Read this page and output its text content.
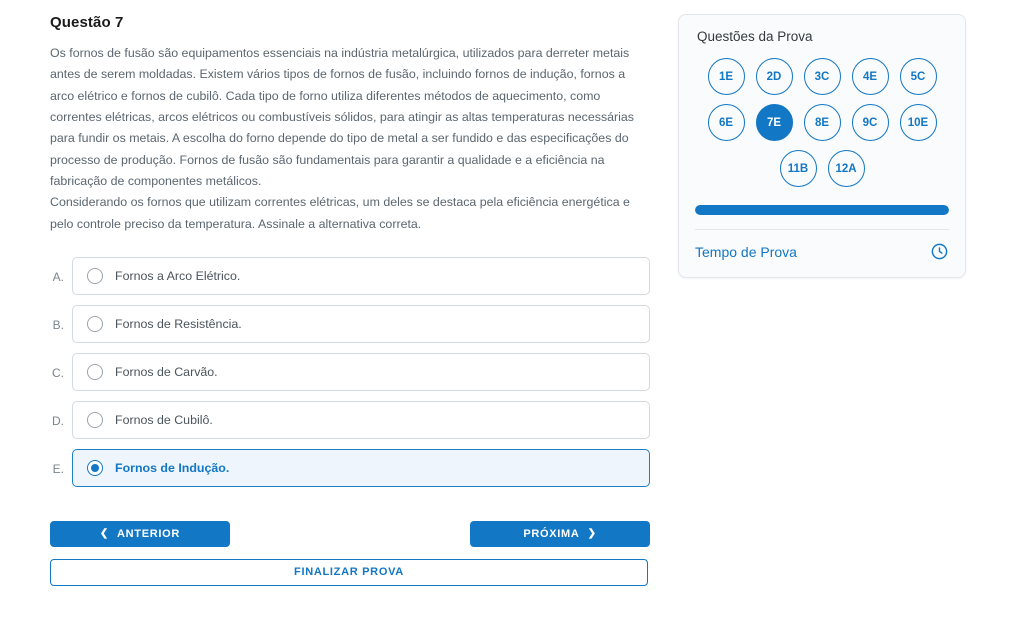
Questão 7

Os fornos de fusão são equipamentos essenciais na indústria metalúrgica, utilizados para derreter metais antes de serem moldadas. Existem vários tipos de fornos de fusão, incluindo fornos de indução, fornos a arco elétrico e fornos de cubilô. Cada tipo de forno utiliza diferentes métodos de aquecimento, como correntes elétricas, arcos elétricos ou combustíveis sólidos, para atingir as altas temperaturas necessárias para fundir os metais. A escolha do forno depende do tipo de metal a ser fundido e das especificações do processo de produção. Fornos de fusão são fundamentais para garantir a qualidade e a eficiência na fabricação de componentes metálicos.

Considerando os fornos que utilizam correntes elétricas, um deles se destaca pela eficiência energética e pelo controle preciso da temperatura. Assinale a alternativa correta.

A.	Fornos a Arco Elétrico.
B.	Fornos de Resistência.
C.	Fornos de Carvão.
D.	Fornos de Cubilô.
E.	Fornos de Indução.
❮ ANTERIOR	PRÓXIMA ❯
FINALIZAR PROVA
Questões da Prova
1E	2D	3C	4E	5C
6E	7E	8E	9C	10E
11B	12A
Tempo de Prova
